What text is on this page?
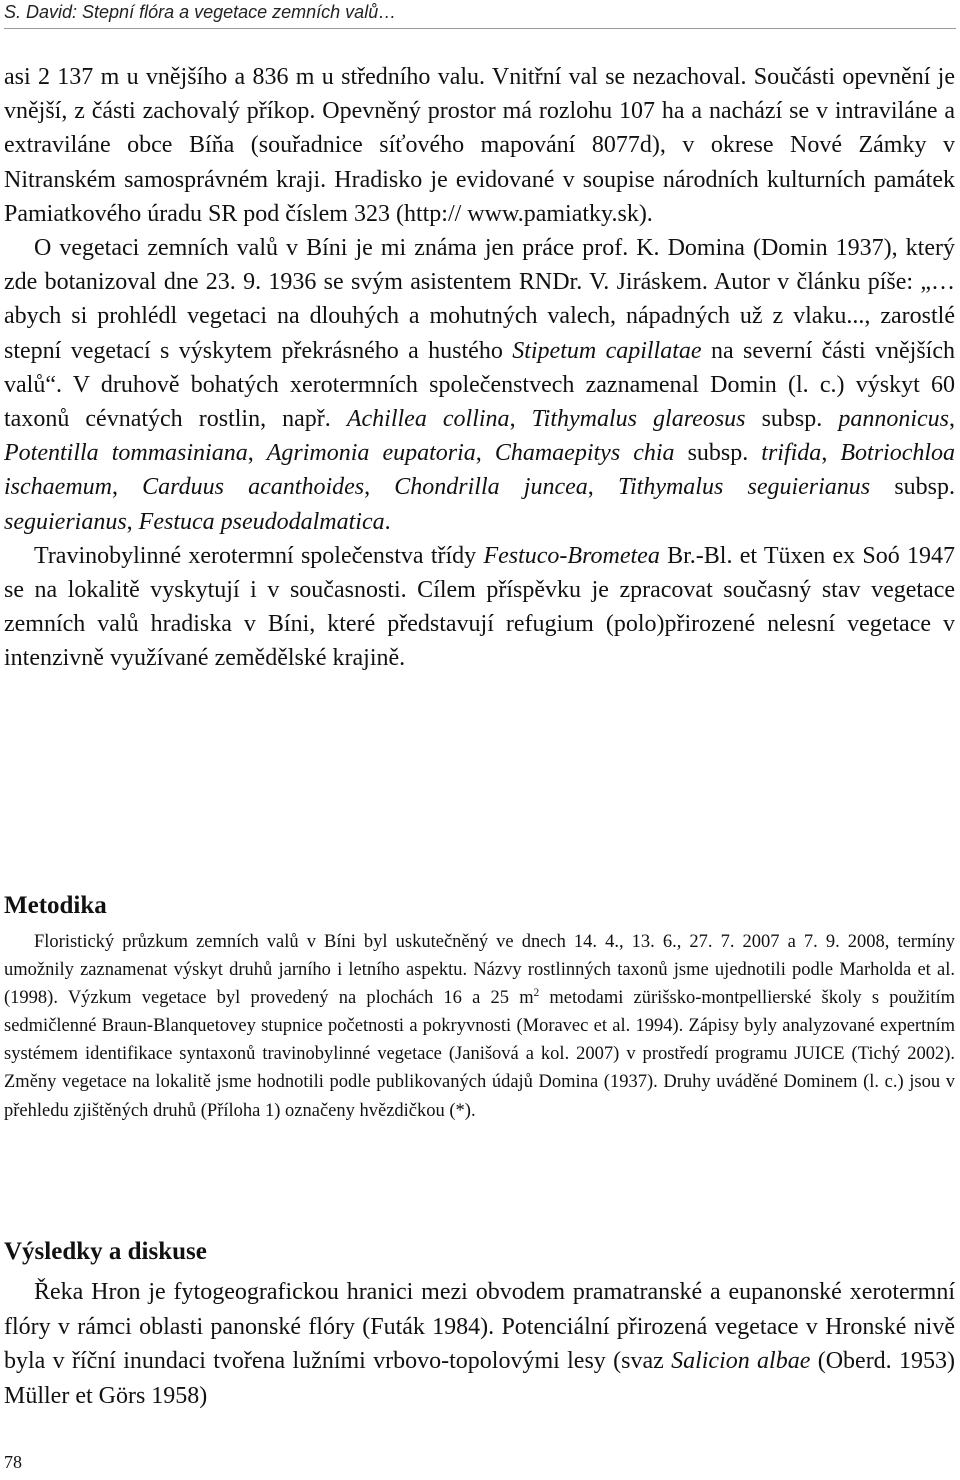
S. David: Stepní flóra a vegetace zemních valů…

asi 2 137 m u vnějšího a 836 m u středního valu. Vnitřní val se nezachoval. Součásti opevnění je vnější, z části zachovalý příkop. Opevněný prostor má rozlohu 107 ha a nachází se v intraviláne a extraviláne obce Bíňa (souřadnice síťového mapování 8077d), v okrese Nové Zámky v Nitranském samosprávném kraji. Hradisko je evidované v soupise národních kulturních památek Pamiatkového úradu SR pod číslem 323 (http:// www.pamiatky.sk).

O vegetaci zemních valů v Bíni je mi známa jen práce prof. K. Domina (Domin 1937), který zde botanizoval dne 23. 9. 1936 se svým asistentem RNDr. V. Jiráskem. Autor v článku píše: „…abych si prohlédl vegetaci na dlouhých a mohutných valech, nápadných už z vlaku..., zarostlé stepní vegetací s výskytem překrásného a hustého Stipetum capillatae na severní části vnějších valů“. V druhově bohatých xerotermních společenstvech zaznamenal Domin (l. c.) výskyt 60 taxonů cévnatých rostlin, např. Achillea collina, Tithymalus glareosus subsp. pannonicus, Potentilla tommasiniana, Agrimonia eupatoria, Chamaepitys chia subsp. trifida, Botriochloa ischaemum, Carduus acanthoides, Chondrilla juncea, Tithymalus seguierianus subsp. seguierianus, Festuca pseudodalmatica.

Travinobylinné xerotermní společenstva třídy Festuco-Brometea Br.-Bl. et Tüxen ex Soó 1947 se na lokalitě vyskytují i v současnosti. Cílem příspěvku je zpracovat současný stav vegetace zemních valů hradiska v Bíni, které představují refugium (polo)přirozené nelesní vegetace v intenzivně využívané zemědělské krajině.

Metodika

Floristický průzkum zemních valů v Bíni byl uskutečněný ve dnech 14. 4., 13. 6., 27. 7. 2007 a 7. 9. 2008, termíny umožnily zaznamenat výskyt druhů jarního i letního aspektu. Názvy rostlinných taxonů jsme ujednotili podle Marholda et al. (1998). Výzkum vegetace byl provedený na plochách 16 a 25 $m^2$ metodami zürišsko-montpellierské školy s použitím sedmičlenné Braun-Blanquetovey stupnice početnosti a pokryvnosti (Moravec et al. 1994). Zápisy byly analyzované expertním systémem identifikace syntaxonů travinobylinné vegetace (Janišová a kol. 2007) v prostředí programu JUICE (Tichý 2002). Změny vegetace na lokalitě jsme hodnotili podle publikovaných údajů Domina (1937). Druhy uváděné Dominem (l. c.) jsou v přehledu zjištěných druhů (Příloha 1) označeny hvězdičkou (*).

Výsledky a diskuse

Řeka Hron je fytogeografickou hranici mezi obvodem pramatranské a eupanonské xerotermní flóry v rámci oblasti panonské flóry (Futák 1984). Potenciální přirozená vegetace v Hronské nivě byla v říční inundaci tvořena lužními vrbovo-topolovými lesy (svaz Salicion albae (Oberd. 1953) Müller et Görs 1958)

78
